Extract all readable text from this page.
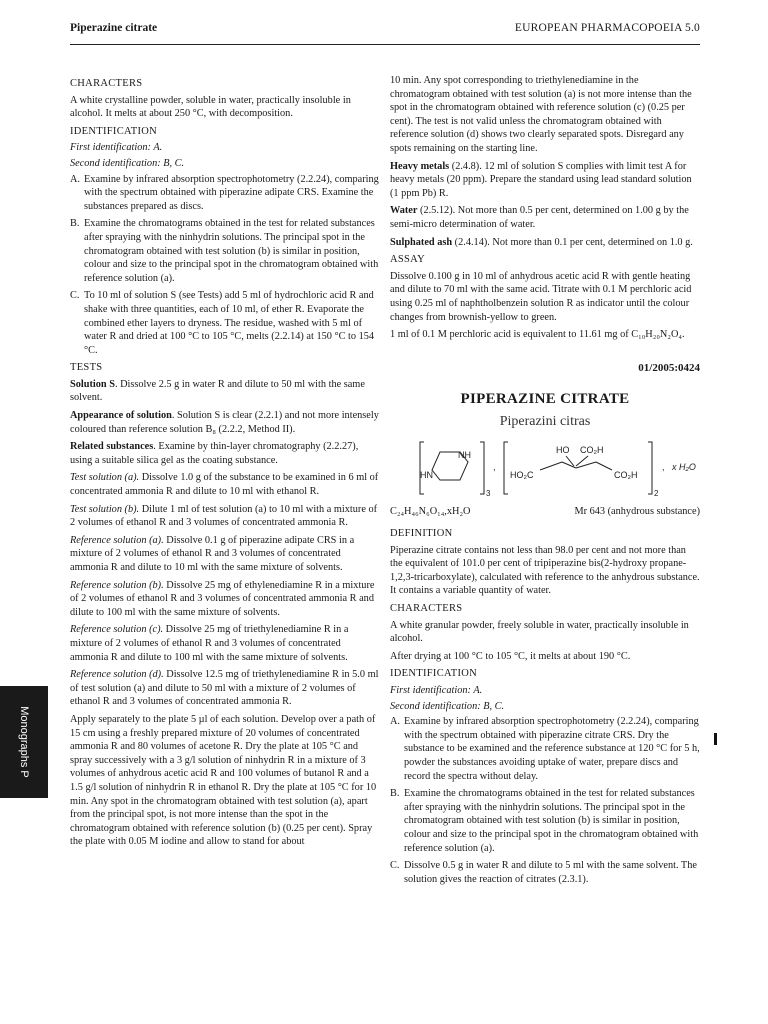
Piperazine citrate	EUROPEAN PHARMACOPOEIA 5.0
CHARACTERS

A white crystalline powder, soluble in water, practically insoluble in alcohol. It melts at about 250 °C, with decomposition.

IDENTIFICATION
First identification: A.
Second identification: B, C.
A. Examine by infrared absorption spectrophotometry (2.2.24), comparing with the spectrum obtained with piperazine adipate CRS. Examine the substances prepared as discs.
B. Examine the chromatograms obtained in the test for related substances after spraying with the ninhydrin solutions. The principal spot in the chromatogram obtained with test solution (b) is similar in position, colour and size to the principal spot in the chromatogram obtained with reference solution (a).
C. To 10 ml of solution S (see Tests) add 5 ml of hydrochloric acid R and shake with three quantities, each of 10 ml, of ether R. Evaporate the combined ether layers to dryness. The residue, washed with 5 ml of water R and dried at 100 °C to 105 °C, melts (2.2.14) at 150 °C to 154 °C.
TESTS

Solution S. Dissolve 2.5 g in water R and dilute to 50 ml with the same solvent.

Appearance of solution. Solution S is clear (2.2.1) and not more intensely coloured than reference solution B₈ (2.2.2, Method II).

Related substances. Examine by thin-layer chromatography (2.2.27), using a suitable silica gel as the coating substance.

Test solution (a). Dissolve 1.0 g of the substance to be examined in 6 ml of concentrated ammonia R and dilute to 10 ml with ethanol R.

Test solution (b). Dilute 1 ml of test solution (a) to 10 ml with a mixture of 2 volumes of ethanol R and 3 volumes of concentrated ammonia R.

Reference solution (a). Dissolve 0.1 g of piperazine adipate CRS in a mixture of 2 volumes of ethanol R and 3 volumes of concentrated ammonia R and dilute to 10 ml with the same mixture of solvents.

Reference solution (b). Dissolve 25 mg of ethylenediamine R in a mixture of 2 volumes of ethanol R and 3 volumes of concentrated ammonia R and dilute to 100 ml with the same mixture of solvents.

Reference solution (c). Dissolve 25 mg of triethylenediamine R in a mixture of 2 volumes of ethanol R and 3 volumes of concentrated ammonia R and dilute to 100 ml with the same mixture of solvents.

Reference solution (d). Dissolve 12.5 mg of triethylenediamine R in 5.0 ml of test solution (a) and dilute to 50 ml with a mixture of 2 volumes of ethanol R and 3 volumes of concentrated ammonia R.

Apply separately to the plate 5 µl of each solution. Develop over a path of 15 cm using a freshly prepared mixture of 20 volumes of concentrated ammonia R and 80 volumes of acetone R. Dry the plate at 105 °C and spray successively with a 3 g/l solution of ninhydrin R in a mixture of 3 volumes of anhydrous acetic acid R and 100 volumes of butanol R and a 1.5 g/l solution of ninhydrin R in ethanol R. Dry the plate at 105 °C for 10 min. Any spot in the chromatogram obtained with test solution (a), apart from the principal spot, is not more intense than the spot in the chromatogram obtained with reference solution (b) (0.25 per cent). Spray the plate with 0.05 M iodine and allow to stand for about

10 min. Any spot corresponding to triethylenediamine in the chromatogram obtained with test solution (a) is not more intense than the spot in the chromatogram obtained with reference solution (c) (0.25 per cent). The test is not valid unless the chromatogram obtained with reference solution (d) shows two clearly separated spots. Disregard any spots remaining on the starting line.

Heavy metals (2.4.8). 12 ml of solution S complies with limit test A for heavy metals (20 ppm). Prepare the standard using lead standard solution (1 ppm Pb) R.

Water (2.5.12). Not more than 0.5 per cent, determined on 1.00 g by the semi-micro determination of water.

Sulphated ash (2.4.14). Not more than 0.1 per cent, determined on 1.0 g.

ASSAY

Dissolve 0.100 g in 10 ml of anhydrous acetic acid R with gentle heating and dilute to 70 ml with the same acid. Titrate with 0.1 M perchloric acid using 0.25 ml of naphtholbenzein solution R as indicator until the colour changes from brownish-yellow to green.

1 ml of 0.1 M perchloric acid is equivalent to 11.61 mg of C₁₀H₂₀N₂O₄.

01/2005:0424
PIPERAZINE CITRATE
Piperazini citras
NH
HN
3
,
HO CO₂H
HO₂C	CO₂H
2
, x H₂O
C₂₄H₄₆N₆O₁₄,xH₂O	Mr 643 (anhydrous substance)
DEFINITION

Piperazine citrate contains not less than 98.0 per cent and not more than the equivalent of 101.0 per cent of tripiperazine bis(2-hydroxy propane-1,2,3-tricarboxylate), calculated with reference to the anhydrous substance. It contains a variable quantity of water.

CHARACTERS

A white granular powder, freely soluble in water, practically insoluble in alcohol.

After drying at 100 °C to 105 °C, it melts at about 190 °C.

IDENTIFICATION
First identification: A.
Second identification: B, C.
A. Examine by infrared absorption spectrophotometry (2.2.24), comparing with the spectrum obtained with piperazine citrate CRS. Dry the substance to be examined and the reference substance at 120 °C for 5 h, powder the substances avoiding uptake of water, prepare discs and record the spectra without delay.
B. Examine the chromatograms obtained in the test for related substances after spraying with the ninhydrin solutions. The principal spot in the chromatogram obtained with test solution (b) is similar in position, colour and size to the principal spot in the chromatogram obtained with reference solution (a).
C. Dissolve 0.5 g in water R and dilute to 5 ml with the same solvent. The solution gives the reaction of citrates (2.3.1).
Monographs P
